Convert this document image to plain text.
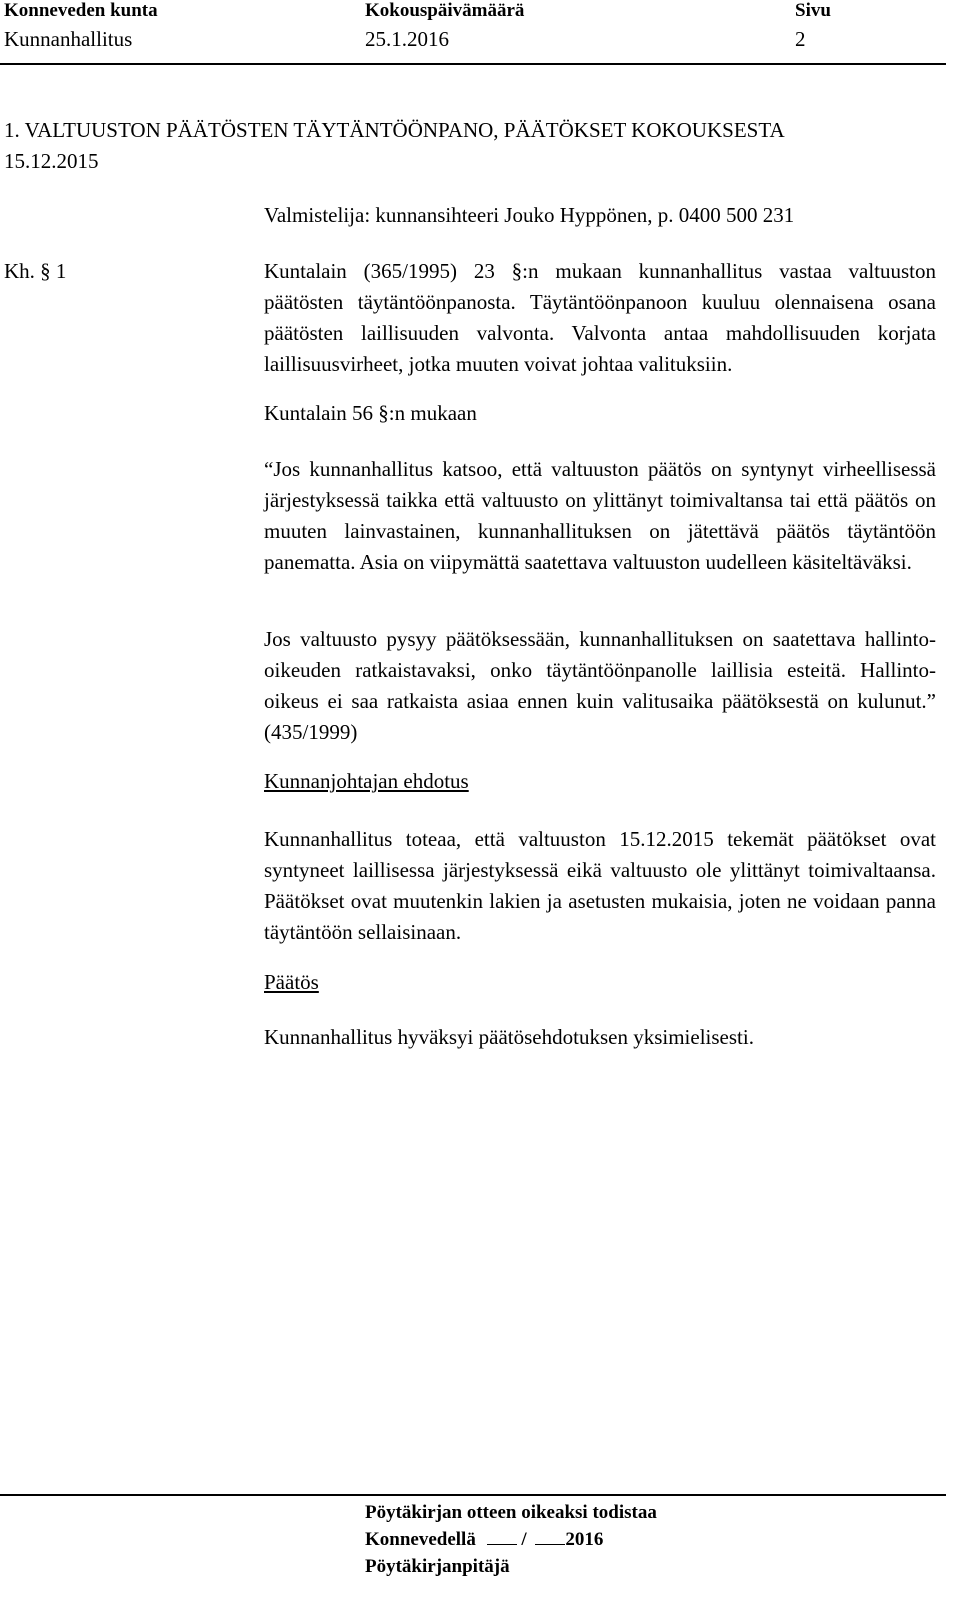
Konneveden kunta
Kunnanhallitus
Kokouspäivämäärä
25.1.2016
Sivu
2
1. VALTUUSTON PÄÄTÖSTEN TÄYTÄNTÖÖNPANO, PÄÄTÖKSET KOKOUKSESTA
15.12.2015
Valmistelija: kunnansihteeri Jouko Hyppönen, p. 0400 500 231
Kh. § 1	Kuntalain (365/1995) 23 §:n mukaan kunnanhallitus vastaa valtuuston päätösten täytäntöönpanosta. Täytäntöönpanoon kuuluu olennaisena osana päätösten laillisuuden valvonta. Valvonta antaa mahdollisuuden korjata laillisuusvirheet, jotka muuten voivat johtaa valituksiin.

Kuntalain 56 §:n mukaan

“Jos kunnanhallitus katsoo, että valtuuston päätös on syntynyt virheellisessä järjestyksessä taikka että valtuusto on ylittänyt toimivaltansa tai että päätös on muuten lainvastainen, kunnanhallituksen on jätettävä päätös täytäntöön panematta. Asia on viipymättä saatettava valtuuston uudelleen käsiteltäväksi.

Jos valtuusto pysyy päätöksessään, kunnanhallituksen on saatettava hallinto-oikeuden ratkaistavaksi, onko täytäntöönpanolle laillisia esteitä. Hallinto-oikeus ei saa ratkaista asiaa ennen kuin valitusaika päätöksestä on kulunut.” (435/1999)

Kunnanjohtajan ehdotus

Kunnanhallitus toteaa, että valtuuston 15.12.2015 tekemät päätökset ovat syntyneet laillisessa järjestyksessä eikä valtuusto ole ylittänyt toimivaltaansa. Päätökset ovat muutenkin lakien ja asetusten mukaisia, joten ne voidaan panna täytäntöön sellaisinaan.

Päätös
Kunnanhallitus hyväksyi päätösehdotuksen yksimielisesti.
Pöytäkirjan otteen oikeaksi todistaa
Konnevedellä / 2016
Pöytäkirjanpitäjä
